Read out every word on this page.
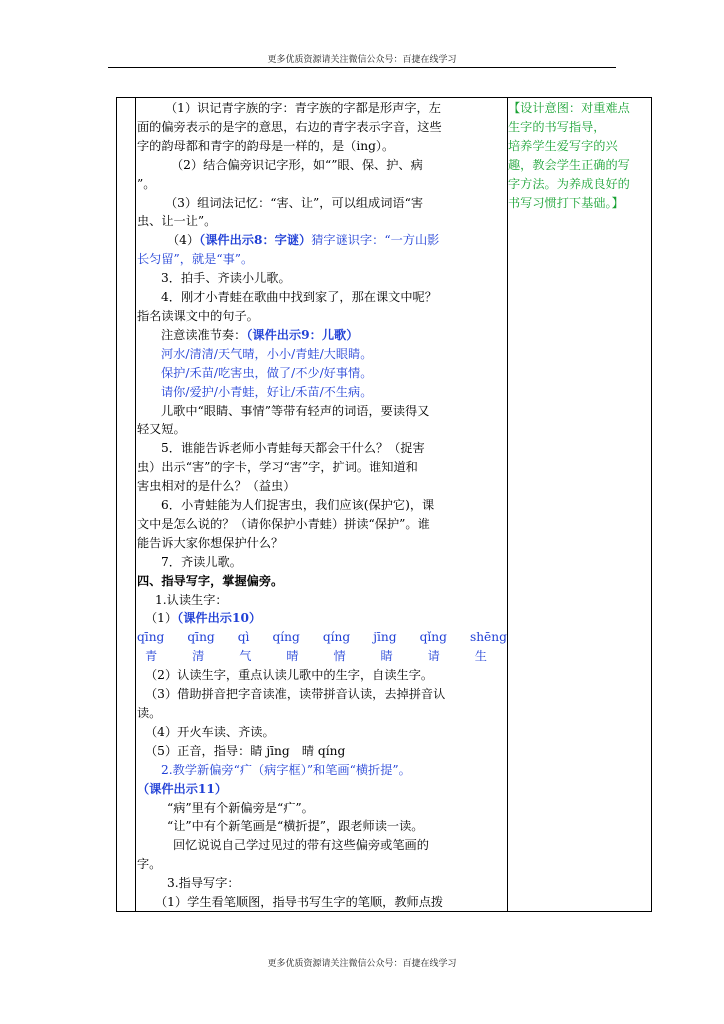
更多优质资源请关注微信公众号：百捷在线学习
（1）识记青字族的字：青字族的字都是形声字，左
面的偏旁表示的是字的意思，右边的青字表示字音，这些
字的韵母都和青字的韵母是一样的，是（ing）。
（2）结合偏旁识记字形，如“”眼、保、护、病
”。
（3）组词法记忆：“害、让”，可以组成词语“害
虫、让一让”。
（4）（课件出示8：字谜）猜字谜识字：“一方山影
长匀留”，就是“事”。
3．拍手、齐读小儿歌。
4．刚才小青蛙在歌曲中找到家了，那在课文中呢？
指名读课文中的句子。
注意读准节奏：（课件出示9：儿歌）
河水/清清/天气晴，小小/青蛙/大眼睛。
保护/禾苗/吃害虫，做了/不少/好事情。
请你/爱护/小青蛙，好让/禾苗/不生病。
儿歌中“眼睛、事情”等带有轻声的词语，要读得又
轻又短。
5．谁能告诉老师小青蛙每天都会干什么？（捉害
虫）出示“害”的字卡，学习“害”字，扩词。谁知道和
害虫相对的是什么？（益虫）
6．小青蛙能为人们捉害虫，我们应该(保护它)，课
文中是怎么说的？（请你保护小青蛙）拼读“保护”。谁
能告诉大家你想保护什么？
7．齐读儿歌。
四、指导写字，掌握偏旁。
1.认读生字：
（1）（课件出示10）
qīng qīng qì qíng qíng jīng qǐng shēng
青	清	气	晴	情	睛	请	生
（2）认读生字，重点认读儿歌中的生字，自读生字。
（3）借助拼音把字音读准，读带拼音认读，去掉拼音认
读。
（4）开火车读、齐读。
（5）正音，指导：睛 jīng　晴 qíng
2.教学新偏旁“疒（病字框）”和笔画“横折提”。
（课件出示11）
“病”里有个新偏旁是“疒”。
“让”中有个新笔画是“横折提”，跟老师读一读。
回忆说说自己学过见过的带有这些偏旁或笔画的
字。
3.指导写字：
（1）学生看笔顺图，指导书写生字的笔顺，教师点拨
【设计意图：对重难点
生字的书写指导，
培养学生爱写字的兴
趣，教会学生正确的写
字方法。为养成良好的
书写习惯打下基础。】
更多优质资源请关注微信公众号：百捷在线学习
